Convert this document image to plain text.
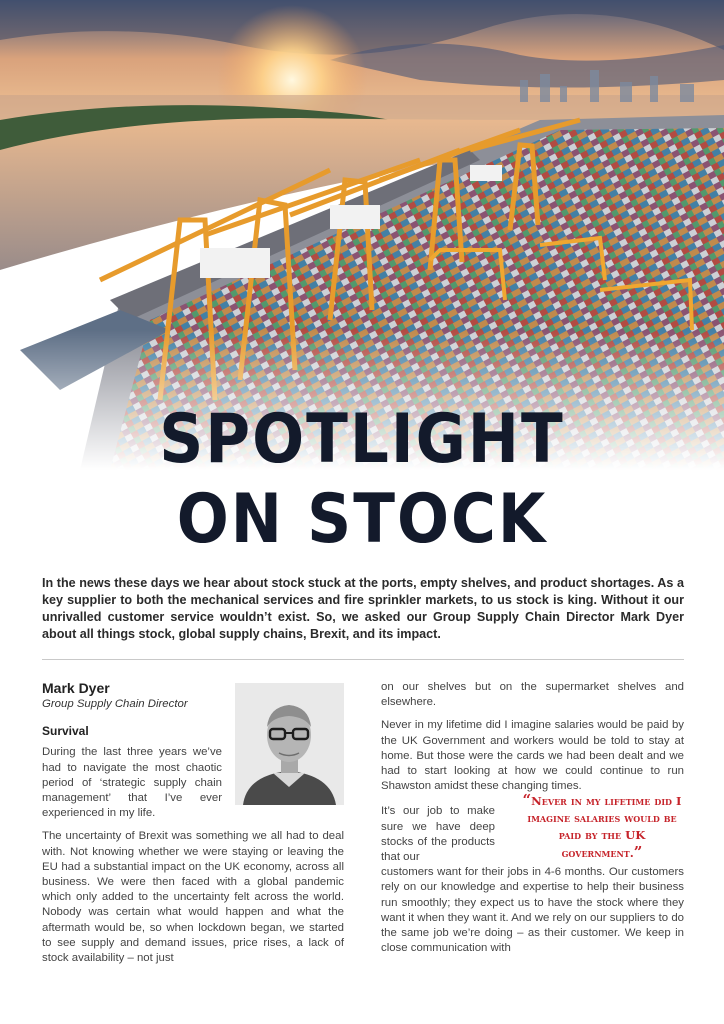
SPOTLIGHT
ON STOCK
In the news these days we hear about stock stuck at the ports, empty shelves, and product shortages. As a key supplier to both the mechanical services and fire sprinkler markets, to us stock is king. Without it our unrivalled customer service wouldn’t exist. So, we asked our Group Supply Chain Director Mark Dyer about all things stock, global supply chains, Brexit, and its impact.

Mark Dyer

Group Supply Chain Director

Survival

During the last three years we’ve had to navigate the most chaotic period of ‘strategic supply chain management’ that I’ve ever experienced in my life.

The uncertainty of Brexit was something we all had to deal with. Not knowing whether we were staying or leaving the EU had a substantial impact on the UK economy, across all business. We were then faced with a global pandemic which only added to the uncertainty felt across the world. Nobody was certain what would happen and what the aftermath would be, so when lockdown began, we started to see supply and demand issues, price rises, a lack of stock availability – not just

on our shelves but on the supermarket shelves and elsewhere.

Never in my lifetime did I imagine salaries would be paid by the UK Government and workers would be told to stay at home. But those were the cards we had been dealt and we had to start looking at how we could continue to run Shawston amidst these changing times.

It’s our job to make sure we have deep stocks of the products that our
customers want for their jobs in 4-6 months. Our customers rely on our knowledge and expertise to help their business run smoothly; they expect us to have the stock where they want it when they want it. And we rely on our suppliers to do the same job we’re doing – as their customer. We keep in close communication with

“Never in my lifetime did I imagine salaries would be paid by the UK government.”
